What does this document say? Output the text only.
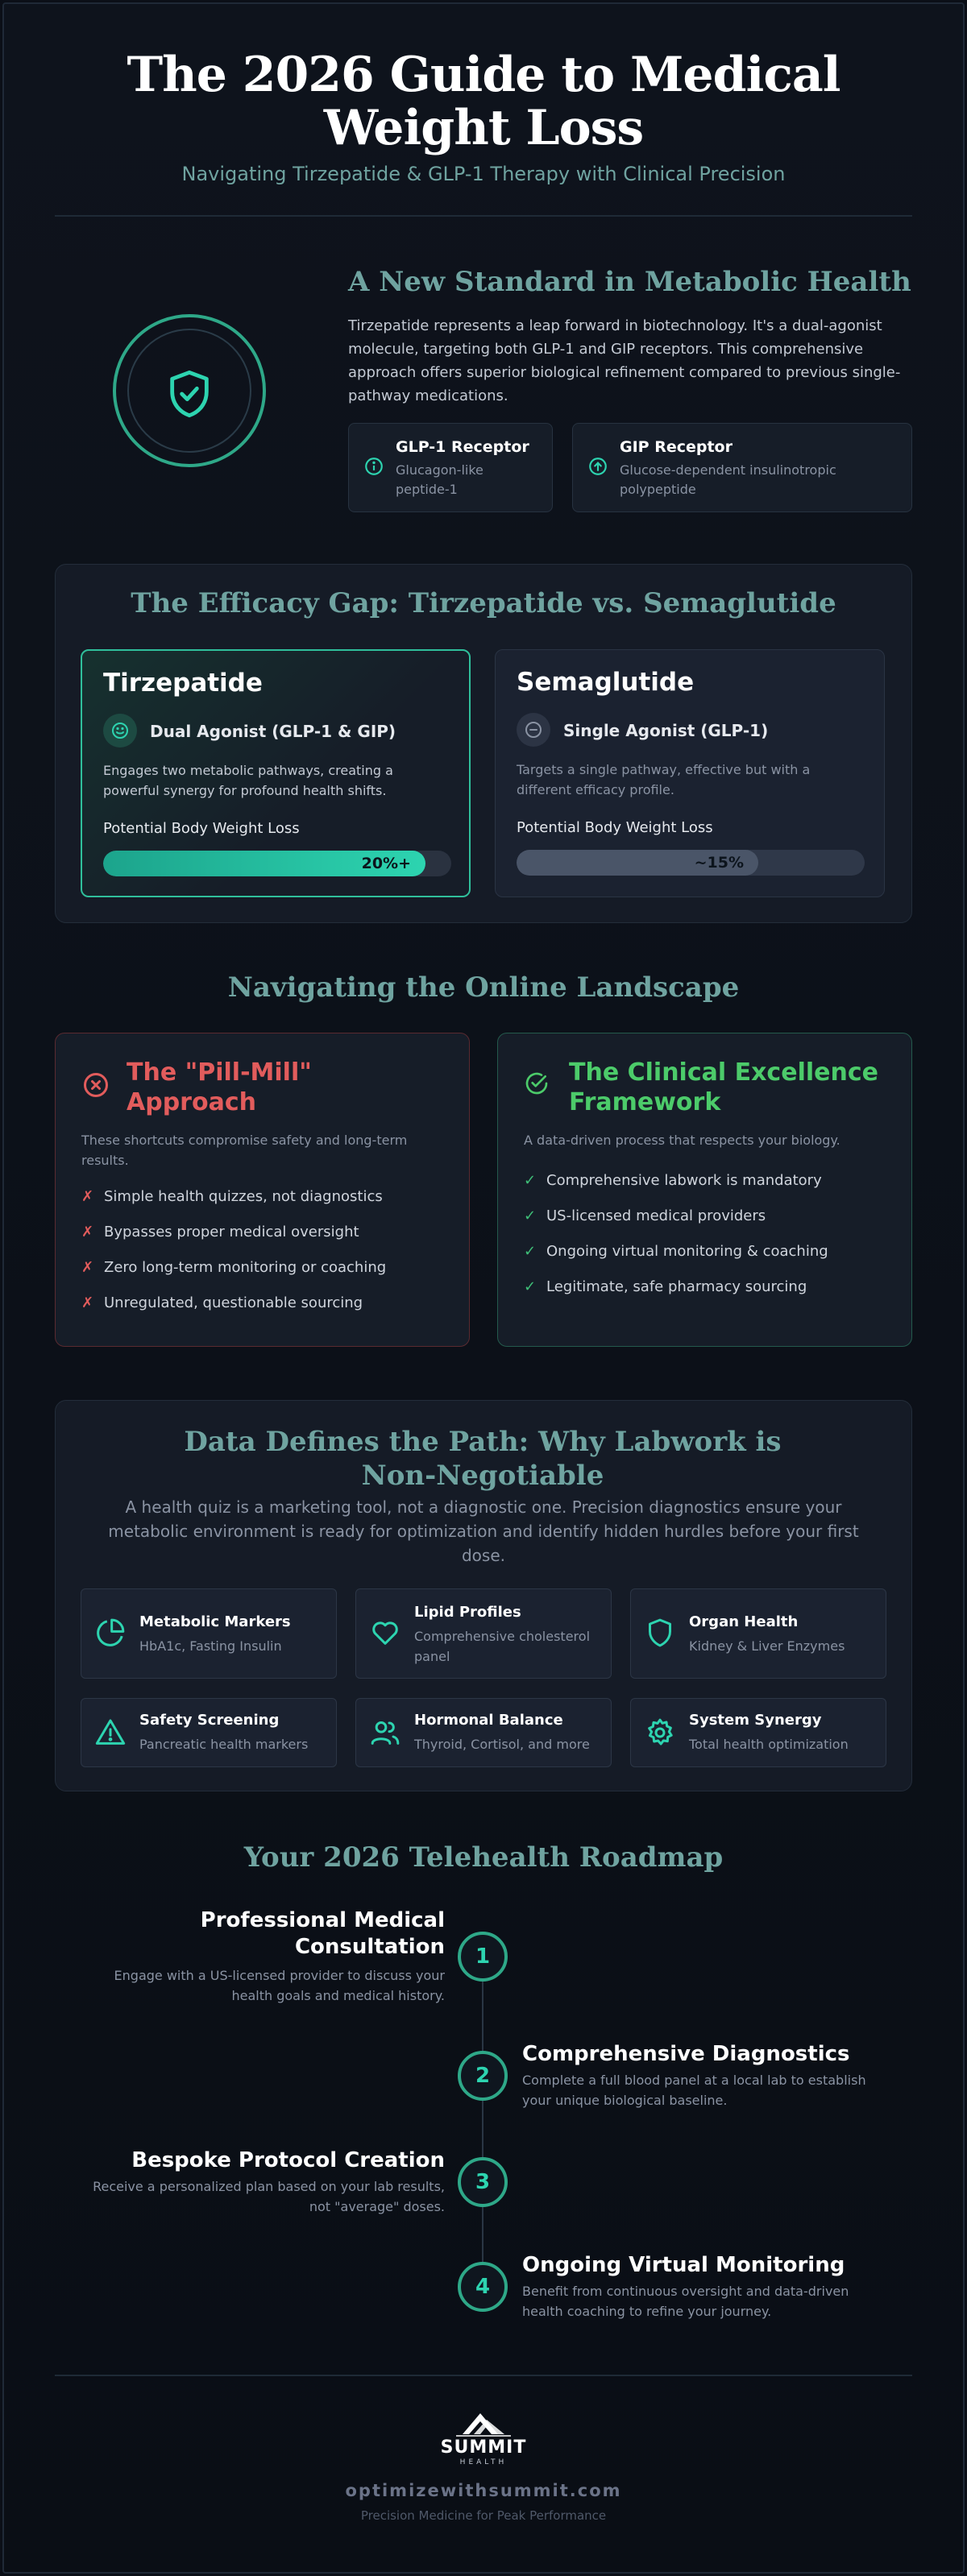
The 2026 Guide to Medical Weight Loss
Navigating Tirzepatide & GLP-1 Therapy with Clinical Precision
A New Standard in Metabolic Health

Tirzepatide represents a leap forward in biotechnology. It's a dual-agonist molecule, targeting both GLP-1 and GIP receptors. This comprehensive approach offers superior biological refinement compared to previous single-pathway medications.

GLP-1 Receptor
Glucagon-like peptide-1
GIP Receptor
Glucose-dependent insulinotropic polypeptide
The Efficacy Gap: Tirzepatide vs. Semaglutide
Tirzepatide
Dual Agonist (GLP-1 & GIP)
Engages two metabolic pathways, creating a powerful synergy for profound health shifts.
Potential Body Weight Loss
20%+
Semaglutide
Single Agonist (GLP-1)
Targets a single pathway, effective but with a different efficacy profile.
Potential Body Weight Loss
~15%
Navigating the Online Landscape
The "Pill-Mill" Approach
These shortcuts compromise safety and long-term results.
✗ Simple health quizzes, not diagnostics
✗ Bypasses proper medical oversight
✗ Zero long-term monitoring or coaching
✗ Unregulated, questionable sourcing
The Clinical Excellence Framework
A data-driven process that respects your biology.
✓ Comprehensive labwork is mandatory
✓ US-licensed medical providers
✓ Ongoing virtual monitoring & coaching
✓ Legitimate, safe pharmacy sourcing
Data Defines the Path: Why Labwork is Non-Negotiable

A health quiz is a marketing tool, not a diagnostic one. Precision diagnostics ensure your metabolic environment is ready for optimization and identify hidden hurdles before your first dose.

Metabolic Markers
HbA1c, Fasting Insulin
Lipid Profiles
Comprehensive cholesterol panel
Organ Health
Kidney & Liver Enzymes
Safety Screening
Pancreatic health markers
Hormonal Balance
Thyroid, Cortisol, and more
System Synergy
Total health optimization
Your 2026 Telehealth Roadmap
1
Professional Medical Consultation
Engage with a US-licensed provider to discuss your health goals and medical history.
2
Comprehensive Diagnostics
Complete a full blood panel at a local lab to establish your unique biological baseline.
3
Bespoke Protocol Creation
Receive a personalized plan based on your lab results, not "average" doses.
4
Ongoing Virtual Monitoring
Benefit from continuous oversight and data-driven health coaching to refine your journey.
SUMMIT
HEALTH
optimizewithsummit.com
Precision Medicine for Peak Performance
